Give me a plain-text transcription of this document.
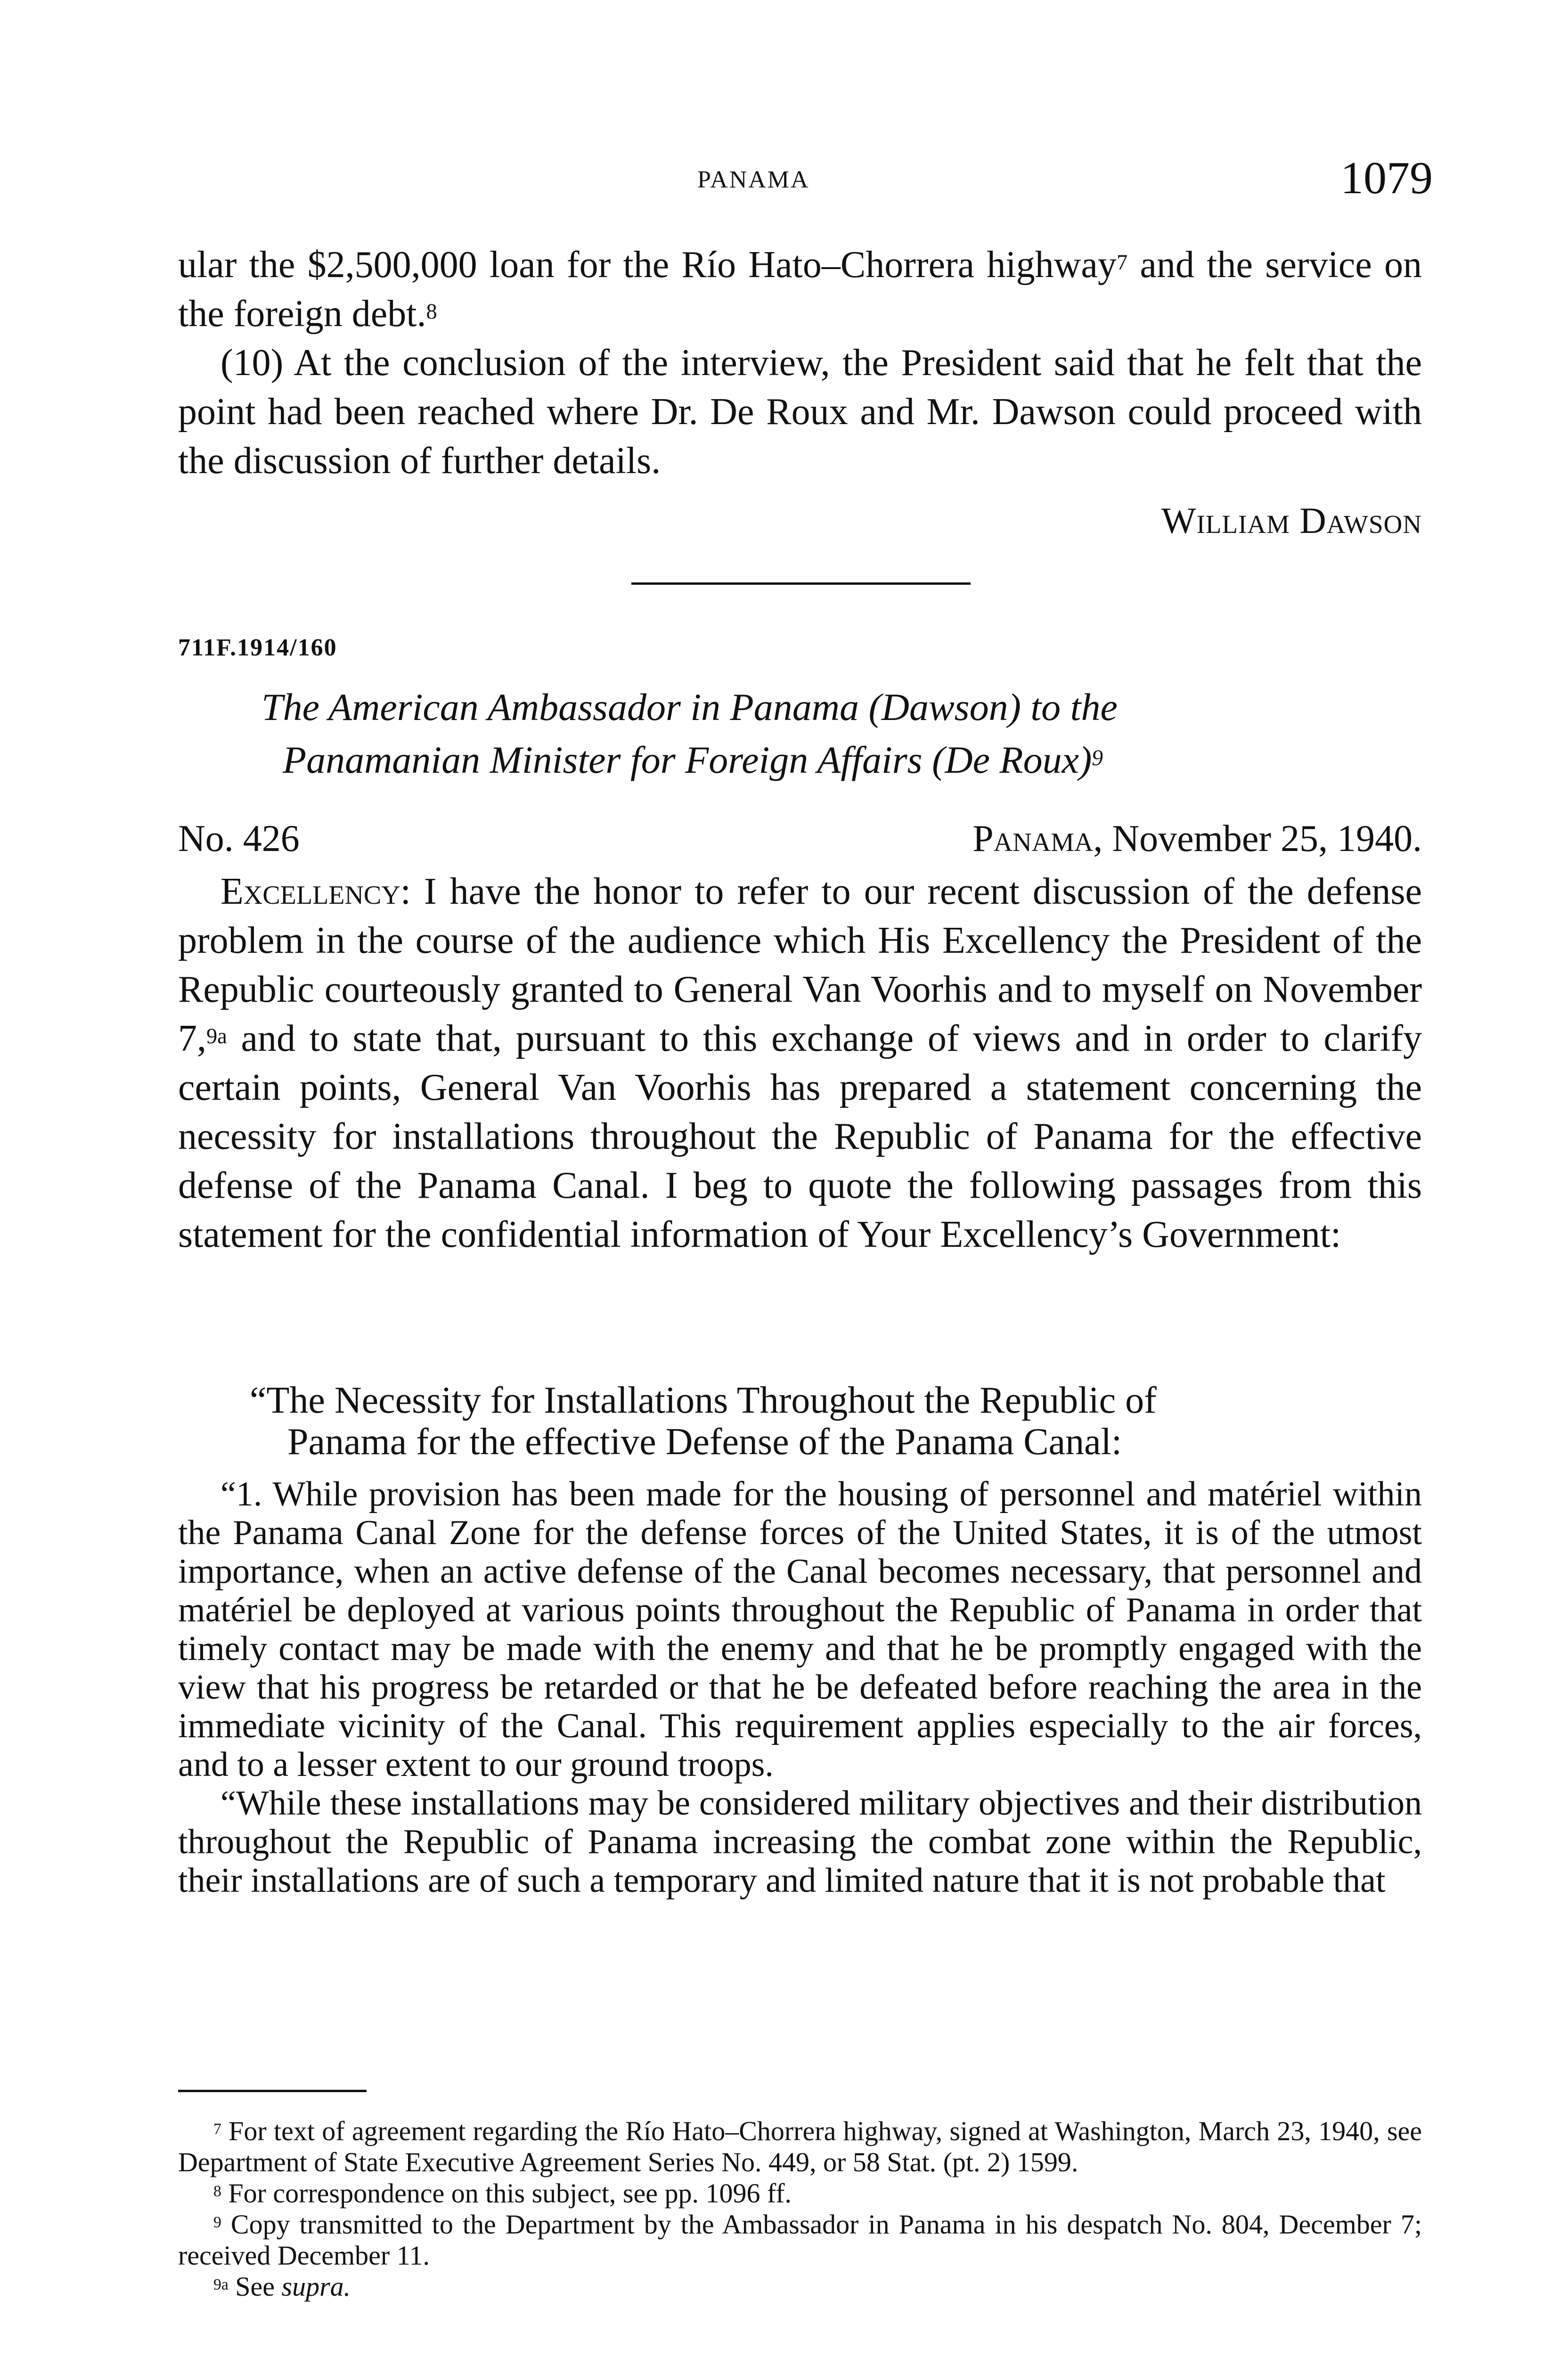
PANAMA	1079

ular the $2,500,000 loan for the Río Hato–Chorrera highway$^7$ and the service on the foreign debt.$^8$

(10) At the conclusion of the interview, the President said that he felt that the point had been reached where Dr. De Roux and Mr. Dawson could proceed with the discussion of further details.

William Dawson
711F.1914/160
The American Ambassador in Panama (Dawson) to the
Panamanian Minister for Foreign Affairs (De Roux)$^9$
No. 426	Panama, November 25, 1940.

Excellency: I have the honor to refer to our recent discussion of the defense problem in the course of the audience which His Excellency the President of the Republic courteously granted to General Van Voorhis and to myself on November 7,$^{9a}$ and to state that, pursuant to this exchange of views and in order to clarify certain points, General Van Voorhis has prepared a statement concerning the necessity for installations throughout the Republic of Panama for the effective defense of the Panama Canal. I beg to quote the following passages from this statement for the confidential information of Your Excellency’s Government:

“The Necessity for Installations Throughout the Republic of
Panama for the effective Defense of the Panama Canal:

“1. While provision has been made for the housing of personnel and matériel within the Panama Canal Zone for the defense forces of the United States, it is of the utmost importance, when an active defense of the Canal becomes necessary, that personnel and matériel be deployed at various points throughout the Republic of Panama in order that timely contact may be made with the enemy and that he be promptly engaged with the view that his progress be retarded or that he be defeated before reaching the area in the immediate vicinity of the Canal. This requirement applies especially to the air forces, and to a lesser extent to our ground troops.

“While these installations may be considered military objectives and their distribution throughout the Republic of Panama increasing the combat zone within the Republic, their installations are of such a temporary and limited nature that it is not probable that

$^7$ For text of agreement regarding the Río Hato–Chorrera highway, signed at Washington, March 23, 1940, see Department of State Executive Agreement Series No. 449, or 58 Stat. (pt. 2) 1599.

$^8$ For correspondence on this subject, see pp. 1096 ff.

$^9$ Copy transmitted to the Department by the Ambassador in Panama in his despatch No. 804, December 7; received December 11.

$^{9a}$ See supra.
